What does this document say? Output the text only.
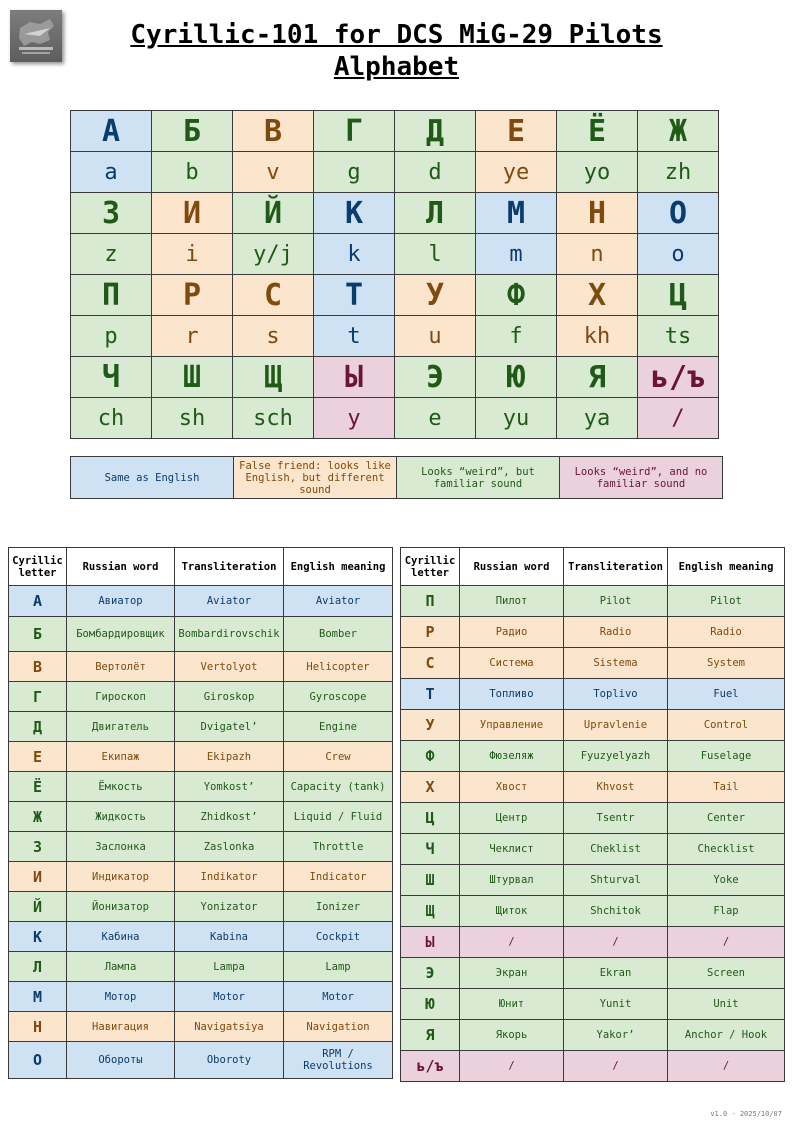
Cyrillic-101 for DCS MiG-29 Pilots
Alphabet
А	Б	В	Г	Д	Е	Ё	Ж
a	b	v	g	d	ye	yo	zh
З	И	Й	К	Л	М	Н	О
z	i	y/j	k	l	m	n	o
П	Р	С	Т	У	Ф	Х	Ц
p	r	s	t	u	f	kh	ts
Ч	Ш	Щ	Ы	Э	Ю	Я	ь/ъ
ch	sh	sch	y	e	yu	ya	/
Same as English	False friend: looks like English, but different sound	Looks “weird”, but familiar sound	Looks “weird”, and no familiar sound
Cyrillic letter	Russian word	Transliteration	English meaning
А	Авиатор	Aviator	Aviator
Б	Бомбардировщик	Bombardirovschik	Bomber
В	Вертолёт	Vertolyot	Helicopter
Г	Гироскоп	Giroskop	Gyroscope
Д	Двигатель	Dvigatel’	Engine
Е	Екипаж	Ekipazh	Crew
Ё	Ёмкость	Yomkost’	Capacity (tank)
Ж	Жидкость	Zhidkost’	Liquid / Fluid
З	Заслонка	Zaslonka	Throttle
И	Индикатор	Indikator	Indicator
Й	Йонизатор	Yonizator	Ionizer
К	Кабина	Kabina	Cockpit
Л	Лампа	Lampa	Lamp
М	Мотор	Motor	Motor
Н	Навигация	Navigatsiya	Navigation
О	Обороты	Oboroty	RPM / Revolutions
Cyrillic letter	Russian word	Transliteration	English meaning
П	Пилот	Pilot	Pilot
Р	Радио	Radio	Radio
С	Система	Sistema	System
Т	Топливо	Toplivo	Fuel
У	Управление	Upravlenie	Control
Ф	Фюзеляж	Fyuzyelyazh	Fuselage
Х	Хвост	Khvost	Tail
Ц	Центр	Tsentr	Center
Ч	Чеклист	Cheklist	Checklist
Ш	Штурвал	Shturval	Yoke
Щ	Щиток	Shchitok	Flap
Ы	/	/	/
Э	Экран	Ekran	Screen
Ю	Юнит	Yunit	Unit
Я	Якорь	Yakor’	Anchor / Hook
ь/ъ	/	/	/
v1.0 - 2025/10/07
